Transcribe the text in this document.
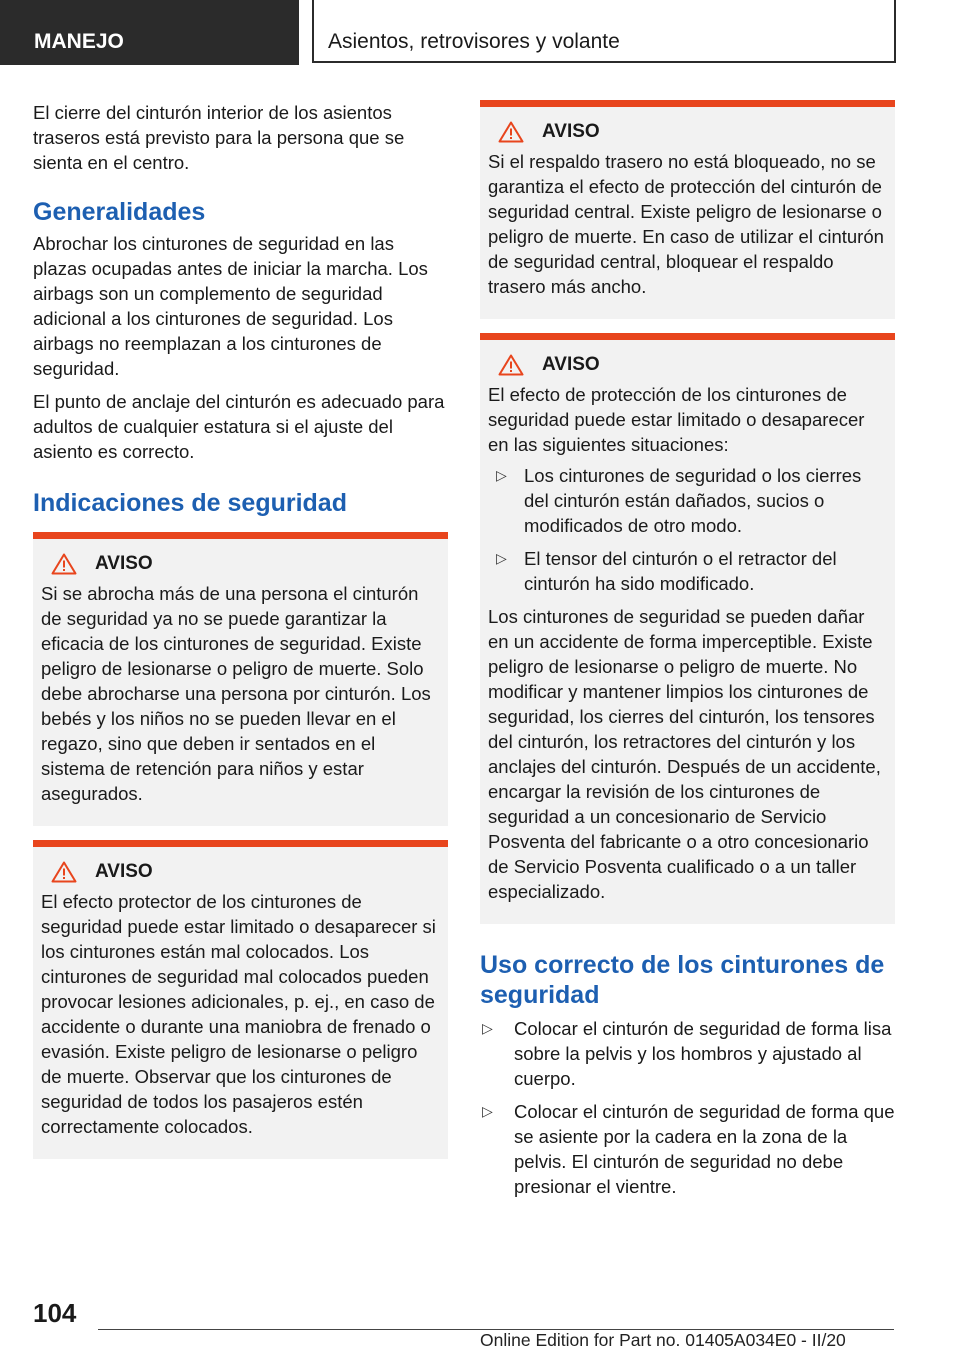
MANEJO	Asientos, retrovisores y volante

El cierre del cinturón interior de los asientos traseros está previsto para la persona que se sienta en el centro.

Generalidades

Abrochar los cinturones de seguridad en las plazas ocupadas antes de iniciar la marcha. Los airbags son un complemento de seguridad adicional a los cinturones de seguridad. Los airbags no reemplazan a los cinturones de seguridad.

El punto de anclaje del cinturón es adecuado para adultos de cualquier estatura si el ajuste del asiento es correcto.

Indicaciones de seguridad
AVISO

Si se abrocha más de una persona el cinturón de seguridad ya no se puede garantizar la eficacia de los cinturones de seguridad. Existe peligro de lesionarse o peligro de muerte. Solo debe abrocharse una persona por cinturón. Los bebés y los niños no se pueden llevar en el regazo, sino que deben ir sentados en el sistema de retención para niños y estar asegurados.

AVISO

El efecto protector de los cinturones de seguridad puede estar limitado o desaparecer si los cinturones están mal colocados. Los cinturones de seguridad mal colocados pueden provocar lesiones adicionales, p. ej., en caso de accidente o durante una maniobra de frenado o evasión. Existe peligro de lesionarse o peligro de muerte. Observar que los cinturones de seguridad de todos los pasajeros estén correctamente colocados.

AVISO

Si el respaldo trasero no está bloqueado, no se garantiza el efecto de protección del cinturón de seguridad central. Existe peligro de lesionarse o peligro de muerte. En caso de utilizar el cinturón de seguridad central, bloquear el respaldo trasero más ancho.

AVISO

El efecto de protección de los cinturones de seguridad puede estar limitado o desaparecer en las siguientes situaciones:

▷ Los cinturones de seguridad o los cierres del cinturón están dañados, sucios o modificados de otro modo.
▷ El tensor del cinturón o el retractor del cinturón ha sido modificado.

Los cinturones de seguridad se pueden dañar en un accidente de forma imperceptible. Existe peligro de lesionarse o peligro de muerte. No modificar y mantener limpios los cinturones de seguridad, los cierres del cinturón, los tensores del cinturón, los retractores del cinturón y los anclajes del cinturón. Después de un accidente, encargar la revisión de los cinturones de seguridad a un concesionario de Servicio Posventa del fabricante o a otro concesionario de Servicio Posventa cualificado o a un taller especializado.

Uso correcto de los cinturones de seguridad
▷	Colocar el cinturón de seguridad de forma lisa sobre la pelvis y los hombros y ajustado al cuerpo.
▷	Colocar el cinturón de seguridad de forma que se asiente por la cadera en la zona de la pelvis. El cinturón de seguridad no debe presionar el vientre.
104
Online Edition for Part no. 01405A034E0 - II/20
